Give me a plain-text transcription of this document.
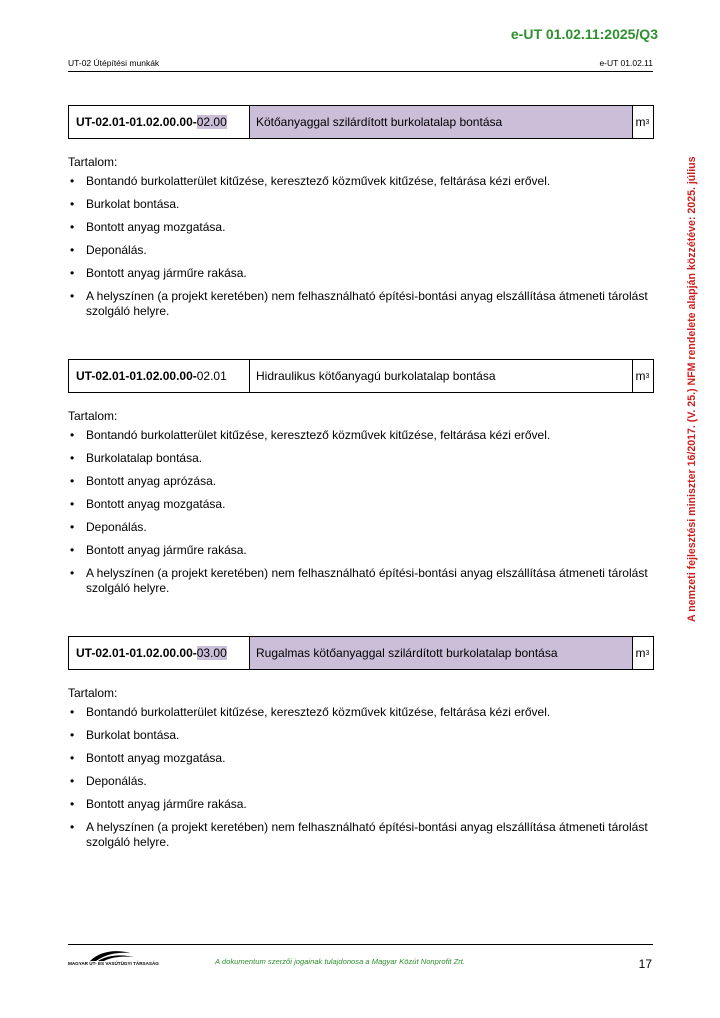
e-UT 01.02.11:2025/Q3
UT-02 Útépítési munkák	e-UT 01.02.11
A nemzeti fejlesztési miniszter 16/2017. (V. 25.) NFM rendelete alapján közzétéve: 2025. július
UT-02.01-01.02.00.00- 02.00	Kötőanyaggal szilárdított burkolatalap bontása	m 3
Tartalom:
• Bontandó burkolatterület kitűzése, keresztező közművek kitűzése, feltárása kézi erővel.
• Burkolat bontása.
• Bontott anyag mozgatása.
• Deponálás.
• Bontott anyag járműre rakása.
• A helyszínen (a projekt keretében) nem felhasználható építési-bontási anyag elszállítása átmeneti tárolást szolgáló helyre.
UT-02.01-01.02.00.00- 02.01	Hidraulikus kötőanyagú burkolatalap bontása	m 3
Tartalom:
• Bontandó burkolatterület kitűzése, keresztező közművek kitűzése, feltárása kézi erővel.
• Burkolatalap bontása.
• Bontott anyag aprózása.
• Bontott anyag mozgatása.
• Deponálás.
• Bontott anyag járműre rakása.
• A helyszínen (a projekt keretében) nem felhasználható építési-bontási anyag elszállítása átmeneti tárolást szolgáló helyre.
UT-02.01-01.02.00.00- 03.00	Rugalmas kötőanyaggal szilárdított burkolatalap bontása	m 3
Tartalom:
• Bontandó burkolatterület kitűzése, keresztező közművek kitűzése, feltárása kézi erővel.
• Burkolat bontása.
• Bontott anyag mozgatása.
• Deponálás.
• Bontott anyag járműre rakása.
• A helyszínen (a projekt keretében) nem felhasználható építési-bontási anyag elszállítása átmeneti tárolást szolgáló helyre.
MAGYAR ÚT- ÉS VASÚTÜGYI TÁRSASÁG	A dokumentum szerzői jogainak tulajdonosa a Magyar Közút Nonprofit Zrt.	17
